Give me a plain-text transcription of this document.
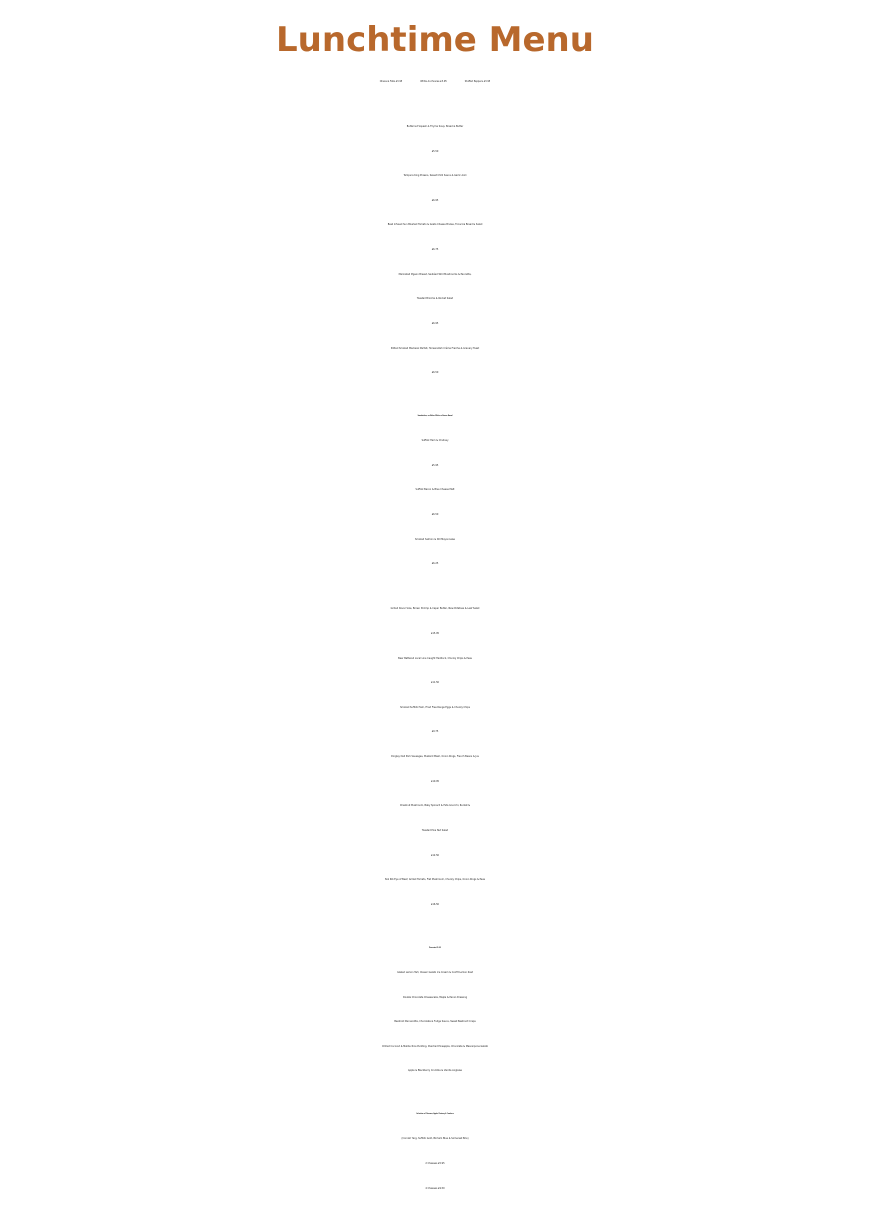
Lunchtime Menu
Olives & Feta £3.95	White Anchovies £3.95	Stuffed Peppers £3.95
Butternut Squash & Thyme Soup, Bread & Butter
£5.50
Tempura King Prawns, Sweet Chilli Sauce & Garlic Aioli
£6.95
Basil Infused Sun Blushed Tomato & Goats Cheese Brulee, Focaccia Bread & Salad
£6.75
Marinated Pigeon Breast, Sautéed Wild Mushrooms & Pancetta,
Toasted Brioche & Rocket Salad
£6.95
Potted Smoked Mackerel Parfait, Horseradish Crème Fraiche & Granary Toast
£6.50
Sandwiches, on Either White or Brown Bread
Suffolk Ham & Chutney
£5.95
Suffolk Bacon & Blue Cheese Melt
£6.50
Smoked Salmon & Dill Mayonnaise
£6.25
Grilled Dover Sole, Brown Shrimp & Caper Butter, New Potatoes & Leaf Salad
£15.95
Beer Battered Local Line Caught Haddock, Chunky Chips & Peas
£11.50
Smoked Suffolk Ham, Fried Free Range Eggs & Chunky Chips
£9.75
Dingley Dell Pork Sausages, Mustard Mash, Onion Rings, French Beans & Jus
£10.95
Chestnut Mushroom, Baby Spinach & Feta Gnocchi, Rocket &
Toasted Pine Nut Salad
£12.50
8oz Rib Eye of Beef, Grilled Tomato, Flat Mushroom, Chunky Chips, Onion Rings & Peas
£16.50
Desserts £5.95
Glazed Lemon Tart, Classic Gelato Ice Cream & Confit Lemon Zest
Double Chocolate Cheesecake, Maple & Pecan Dressing
Beetroot Pannacotta, Chocolate & Fudge Sauce, Sweet Beetroot Crisps
Chilled Coconut & Malibu Rice Pudding, Poached Pineapple, Chocolate & Mascarpone Gelato
Apple & Blackberry Crumble & Vanilla Anglaise
Selection of Cheeses, Apple Chutney & Crackers
(Cornish Yarg, Suffolk Gold, Binham Blue & Somerset Brie)
2 Cheeses £5.95
4 Cheeses £9.50
